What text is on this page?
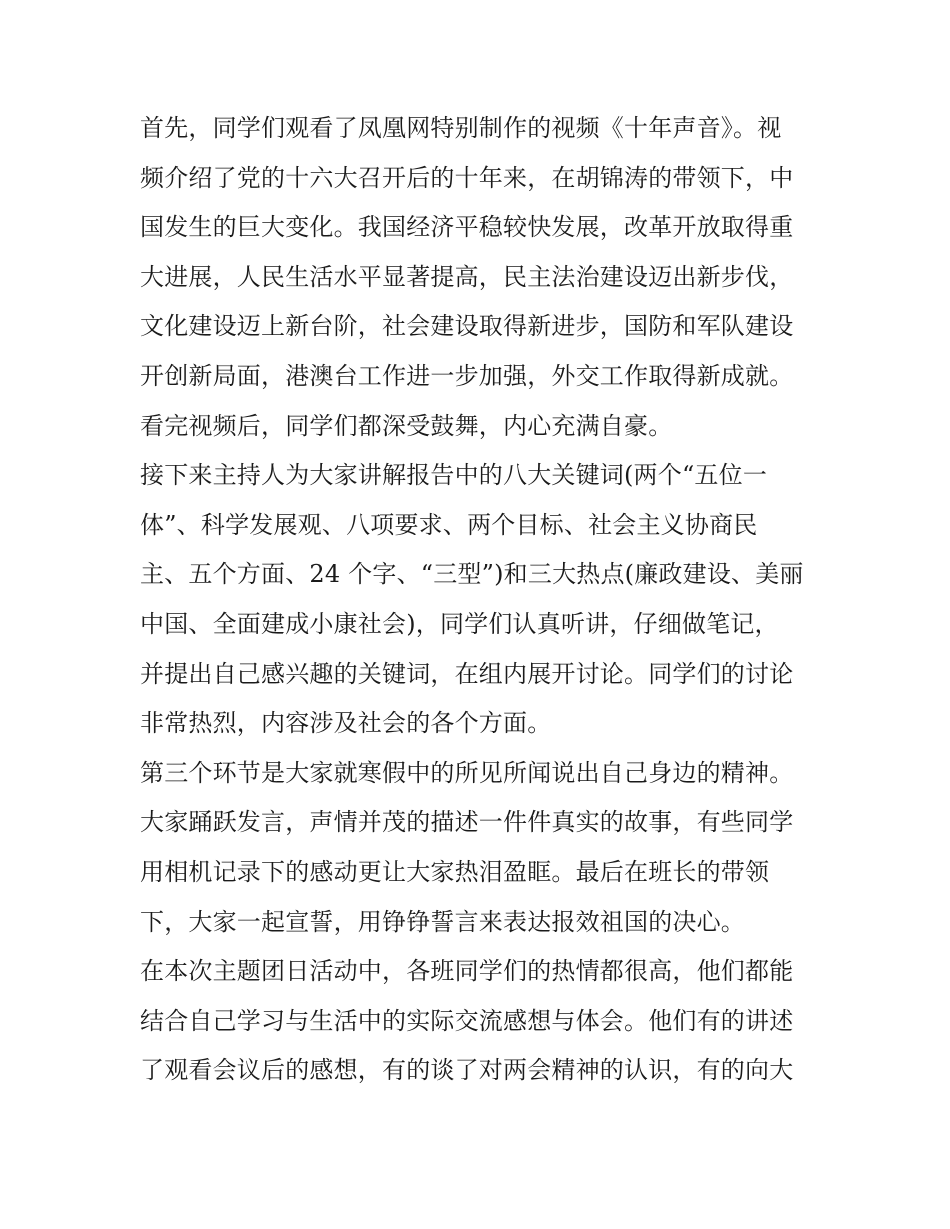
首先，同学们观看了凤凰网特别制作的视频《十年声音》。视
频介绍了党的十六大召开后的十年来，在胡锦涛的带领下，中
国发生的巨大变化。我国经济平稳较快发展，改革开放取得重
大进展，人民生活水平显著提高，民主法治建设迈出新步伐，
文化建设迈上新台阶，社会建设取得新进步，国防和军队建设
开创新局面，港澳台工作进一步加强，外交工作取得新成就。
看完视频后，同学们都深受鼓舞，内心充满自豪。
接下来主持人为大家讲解报告中的八大关键词(两个“五位一
体”、科学发展观、八项要求、两个目标、社会主义协商民
主、五个方面、24 个字、“三型”)和三大热点(廉政建设、美丽
中国、全面建成小康社会)，同学们认真听讲，仔细做笔记，
并提出自己感兴趣的关键词，在组内展开讨论。同学们的讨论
非常热烈，内容涉及社会的各个方面。
第三个环节是大家就寒假中的所见所闻说出自己身边的精神。
大家踊跃发言，声情并茂的描述一件件真实的故事，有些同学
用相机记录下的感动更让大家热泪盈眶。最后在班长的带领
下，大家一起宣誓，用铮铮誓言来表达报效祖国的决心。
在本次主题团日活动中，各班同学们的热情都很高，他们都能
结合自己学习与生活中的实际交流感想与体会。他们有的讲述
了观看会议后的感想，有的谈了对两会精神的认识，有的向大
